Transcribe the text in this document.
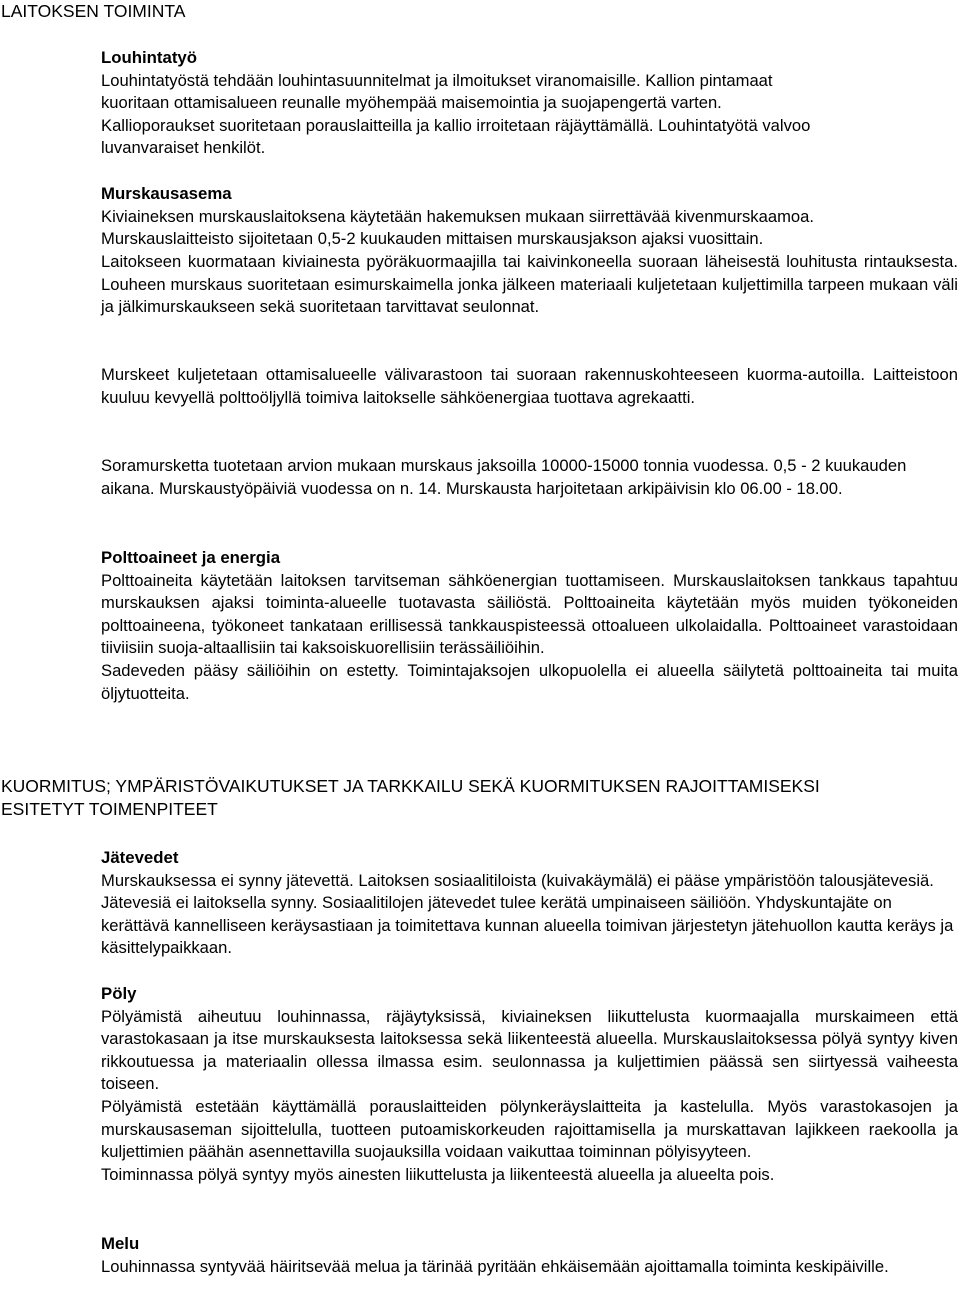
LAITOKSEN TOIMINTA
Louhintatyö

Louhintatyöstä tehdään louhintasuunnitelmat ja ilmoitukset viranomaisille. Kallion pintamaat

kuoritaan ottamisalueen reunalle myöhempää maisemointia ja suojapengertä varten.

Kallioporaukset suoritetaan porauslaitteilla ja kallio irroitetaan räjäyttämällä. Louhintatyötä valvoo

luvanvaraiset henkilöt.

Murskausasema

Kiviaineksen murskauslaitoksena käytetään hakemuksen mukaan siirrettävää kivenmurskaamoa.

Murskauslaitteisto sijoitetaan 0,5-2 kuukauden mittaisen murskausjakson ajaksi vuosittain.

Laitokseen kuormataan kiviainesta pyöräkuormaajilla tai kaivinkoneella suoraan läheisestä louhitusta rintauksesta. Louheen murskaus suoritetaan esimurskaimella jonka jälkeen materiaali kuljetetaan kuljettimilla tarpeen mukaan väli ja jälkimurskaukseen sekä suoritetaan tarvittavat seulonnat.
Murskeet kuljetetaan ottamisalueelle välivarastoon tai suoraan rakennuskohteeseen kuorma-autoilla. Laitteistoon kuuluu kevyellä polttoöljyllä toimiva laitokselle sähköenergiaa tuottava agrekaatti.
Soramursketta tuotetaan arvion mukaan murskaus jaksoilla 10000-15000 tonnia vuodessa. 0,5 - 2 kuukauden aikana. Murskaustyöpäiviä vuodessa on n. 14. Murskausta harjoitetaan arkipäivisin klo 06.00 - 18.00.
Polttoaineet ja energia

Polttoaineita käytetään laitoksen tarvitseman sähköenergian tuottamiseen. Murskauslaitoksen tankkaus tapahtuu murskauksen ajaksi toiminta-alueelle tuotavasta säiliöstä. Polttoaineita käytetään myös muiden työkoneiden polttoaineena, työkoneet tankataan erillisessä tankkauspisteessä ottoalueen ulkolaidalla. Polttoaineet varastoidaan tiiviisiin suoja-altaallisiin tai kaksoiskuorellisiin terässäiliöihin.

Sadeveden pääsy säiliöihin on estetty. Toimintajaksojen ulkopuolella ei alueella säilytetä polttoaineita tai muita öljytuotteita.

KUORMITUS; YMPÄRISTÖVAIKUTUKSET JA TARKKAILU SEKÄ KUORMITUKSEN RAJOITTAMISEKSI
ESITETYT TOIMENPITEET
Jätevedet

Murskauksessa ei synny jätevettä. Laitoksen sosiaalitiloista (kuivakäymälä) ei pääse ympäristöön talousjätevesiä. Jätevesiä ei laitoksella synny. Sosiaalitilojen jätevedet tulee kerätä umpinaiseen säiliöön. Yhdyskuntajäte on kerättävä kannelliseen keräysastiaan ja toimitettava kunnan alueella toimivan järjestetyn jätehuollon kautta keräys ja käsittelypaikkaan.

Pöly

Pölyämistä aiheutuu louhinnassa, räjäytyksissä, kiviaineksen liikuttelusta kuormaajalla murskaimeen että varastokasaan ja itse murskauksesta laitoksessa sekä liikenteestä alueella. Murskauslaitoksessa pölyä syntyy kiven rikkoutuessa ja materiaalin ollessa ilmassa esim. seulonnassa ja kuljettimien päässä sen siirtyessä vaiheesta toiseen.

Pölyämistä estetään käyttämällä porauslaitteiden pölynkeräyslaitteita ja kastelulla. Myös varastokasojen ja murskausaseman sijoittelulla, tuotteen putoamiskorkeuden rajoittamisella ja murskattavan lajikkeen raekoolla ja kuljettimien päähän asennettavilla suojauksilla voidaan vaikuttaa toiminnan pölyisyyteen.

Toiminnassa pölyä syntyy myös ainesten liikuttelusta ja liikenteestä alueella ja alueelta pois.

Melu

Louhinnassa syntyvää häiritsevää melua ja tärinää pyritään ehkäisemään ajoittamalla toiminta keskipäiville.
